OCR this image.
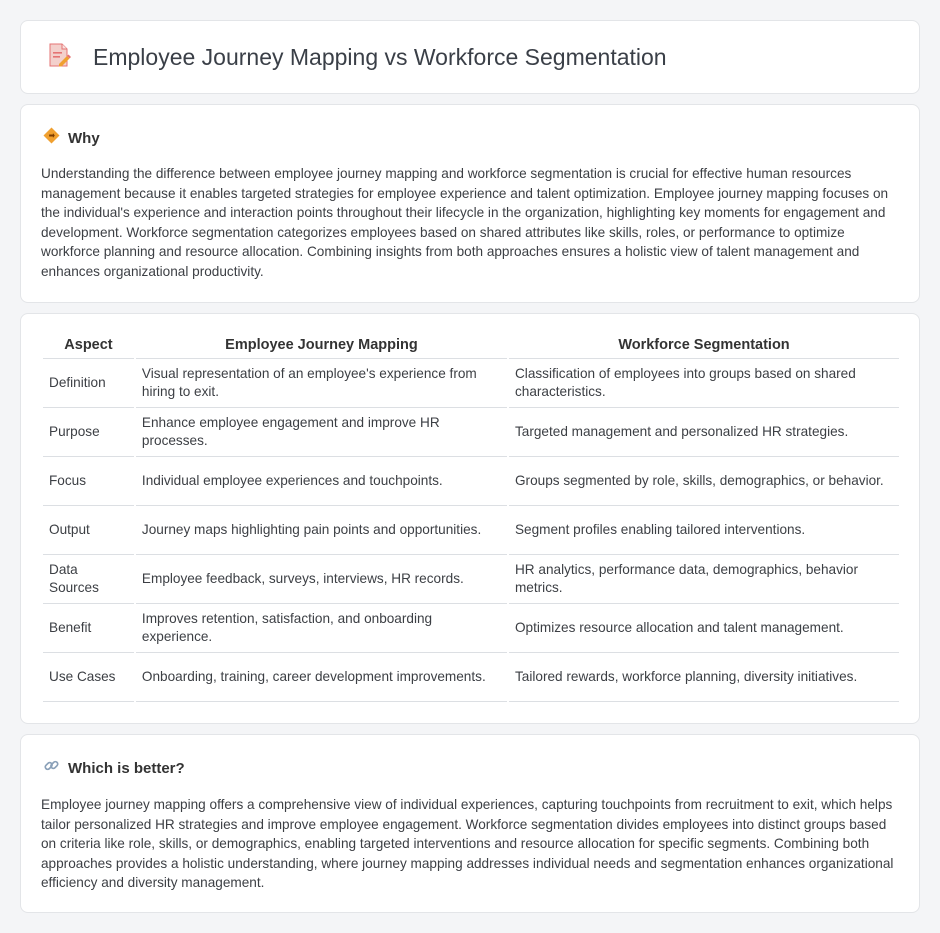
Employee Journey Mapping vs Workforce Segmentation
Why

Understanding the difference between employee journey mapping and workforce segmentation is crucial for effective human resources management because it enables targeted strategies for employee experience and talent optimization. Employee journey mapping focuses on the individual's experience and interaction points throughout their lifecycle in the organization, highlighting key moments for engagement and development. Workforce segmentation categorizes employees based on shared attributes like skills, roles, or performance to optimize workforce planning and resource allocation. Combining insights from both approaches ensures a holistic view of talent management and enhances organizational productivity.

Aspect	Employee Journey Mapping	Workforce Segmentation
Definition	Visual representation of an employee's experience from hiring to exit.	Classification of employees into groups based on shared characteristics.
Purpose	Enhance employee engagement and improve HR processes.	Targeted management and personalized HR strategies.
Focus	Individual employee experiences and touchpoints.	Groups segmented by role, skills, demographics, or behavior.
Output	Journey maps highlighting pain points and opportunities.	Segment profiles enabling tailored interventions.
Data Sources	Employee feedback, surveys, interviews, HR records.	HR analytics, performance data, demographics, behavior metrics.
Benefit	Improves retention, satisfaction, and onboarding experience.	Optimizes resource allocation and talent management.
Use Cases	Onboarding, training, career development improvements.	Tailored rewards, workforce planning, diversity initiatives.
Which is better?

Employee journey mapping offers a comprehensive view of individual experiences, capturing touchpoints from recruitment to exit, which helps tailor personalized HR strategies and improve employee engagement. Workforce segmentation divides employees into distinct groups based on criteria like role, skills, or demographics, enabling targeted interventions and resource allocation for specific segments. Combining both approaches provides a holistic understanding, where journey mapping addresses individual needs and segmentation enhances organizational efficiency and diversity management.
